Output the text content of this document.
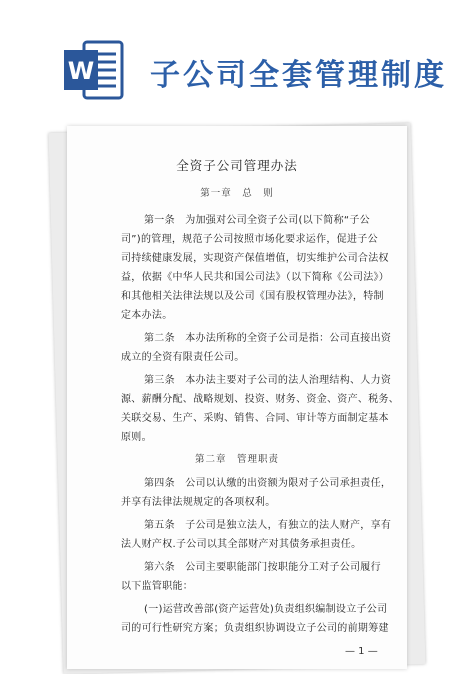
W 子公司全套管理制度
全资子公司管理办法
第一章　总　则
第一条　为加强对公司全资子公司(以下简称“子公
司”)的管理，规范子公司按照市场化要求运作，促进子公
司持续健康发展，实现资产保值增值，切实维护公司合法权
益，依据《中华人民共和国公司法》（以下简称《公司法》）
和其他相关法律法规以及公司《国有股权管理办法》，特制
定本办法。
第二条　本办法所称的全资子公司是指：公司直接出资
成立的全资有限责任公司。
第三条　本办法主要对子公司的法人治理结构、人力资
源、薪酬分配、战略规划、投资、财务、资金、资产、税务、
关联交易、生产、采购、销售、合同、审计等方面制定基本
原则。
第二章　管理职责
第四条　公司以认缴的出资额为限对子公司承担责任，
并享有法律法规规定的各项权利。
第五条　子公司是独立法人，有独立的法人财产，享有
法人财产权.子公司以其全部财产对其债务承担责任。
第六条　公司主要职能部门按职能分工对子公司履行
以下监管职能：
(一)运营改善部(资产运营处)负责组织编制设立子公司
司的可行性研究方案；负责组织协调设立子公司的前期筹建
— 1 —
